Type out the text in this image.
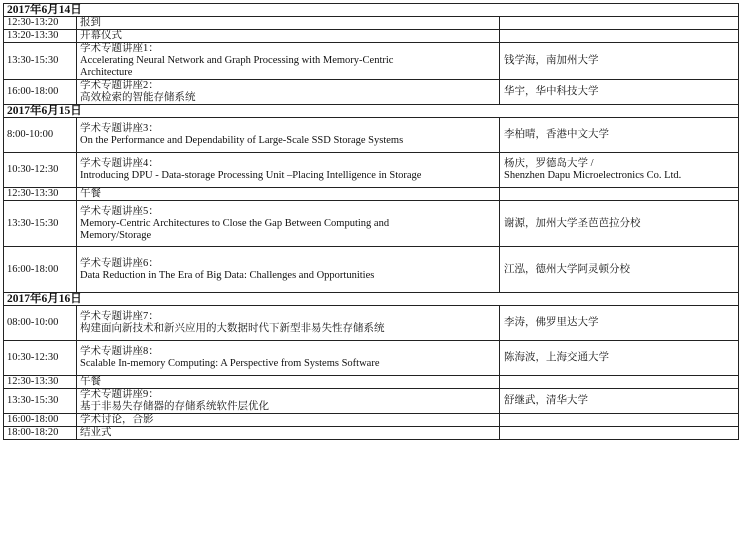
2017年6月14日		
12:30-13:20	报到	

13:20-13:30	开幕仪式	

13:30-15:30	学术专题讲座1：
Accelerating Neural Network and Graph Processing with Memory-Centric
Architecture	钱学海，南加州大学

16:00-18:00	学术专题讲座2：
高效检索的智能存储系统	华宇，华中科技大学

2017年6月15日		
8:00-10:00	学术专题讲座3：
On the Performance and Dependability of Large-Scale SSD Storage Systems	李柏晴，香港中文大学

10:30-12:30	学术专题讲座4：
Introducing DPU - Data-storage Processing Unit –Placing Intelligence in Storage	杨庆，罗德岛大学 /
Shenzhen Dapu Microelectronics Co. Ltd.

12:30-13:30	午餐	

13:30-15:30	学术专题讲座5：
Memory-Centric Architectures to Close the Gap Between Computing and
Memory/Storage	谢源，加州大学圣芭芭拉分校

16:00-18:00	学术专题讲座6：
Data Reduction in The Era of Big Data: Challenges and Opportunities	江泓，德州大学阿灵顿分校

2017年6月16日		
08:00-10:00	学术专题讲座7：
构建面向新技术和新兴应用的大数据时代下新型非易失性存储系统	李涛，佛罗里达大学

10:30-12:30	学术专题讲座8：
Scalable In-memory Computing: A Perspective from Systems Software	陈海波，上海交通大学

12:30-13:30	午餐	

13:30-15:30	学术专题讲座9：
基于非易失存储器的存储系统软件层优化	舒继武，清华大学

16:00-18:00	学术讨论，合影	

18:00-18:20	结业式	
